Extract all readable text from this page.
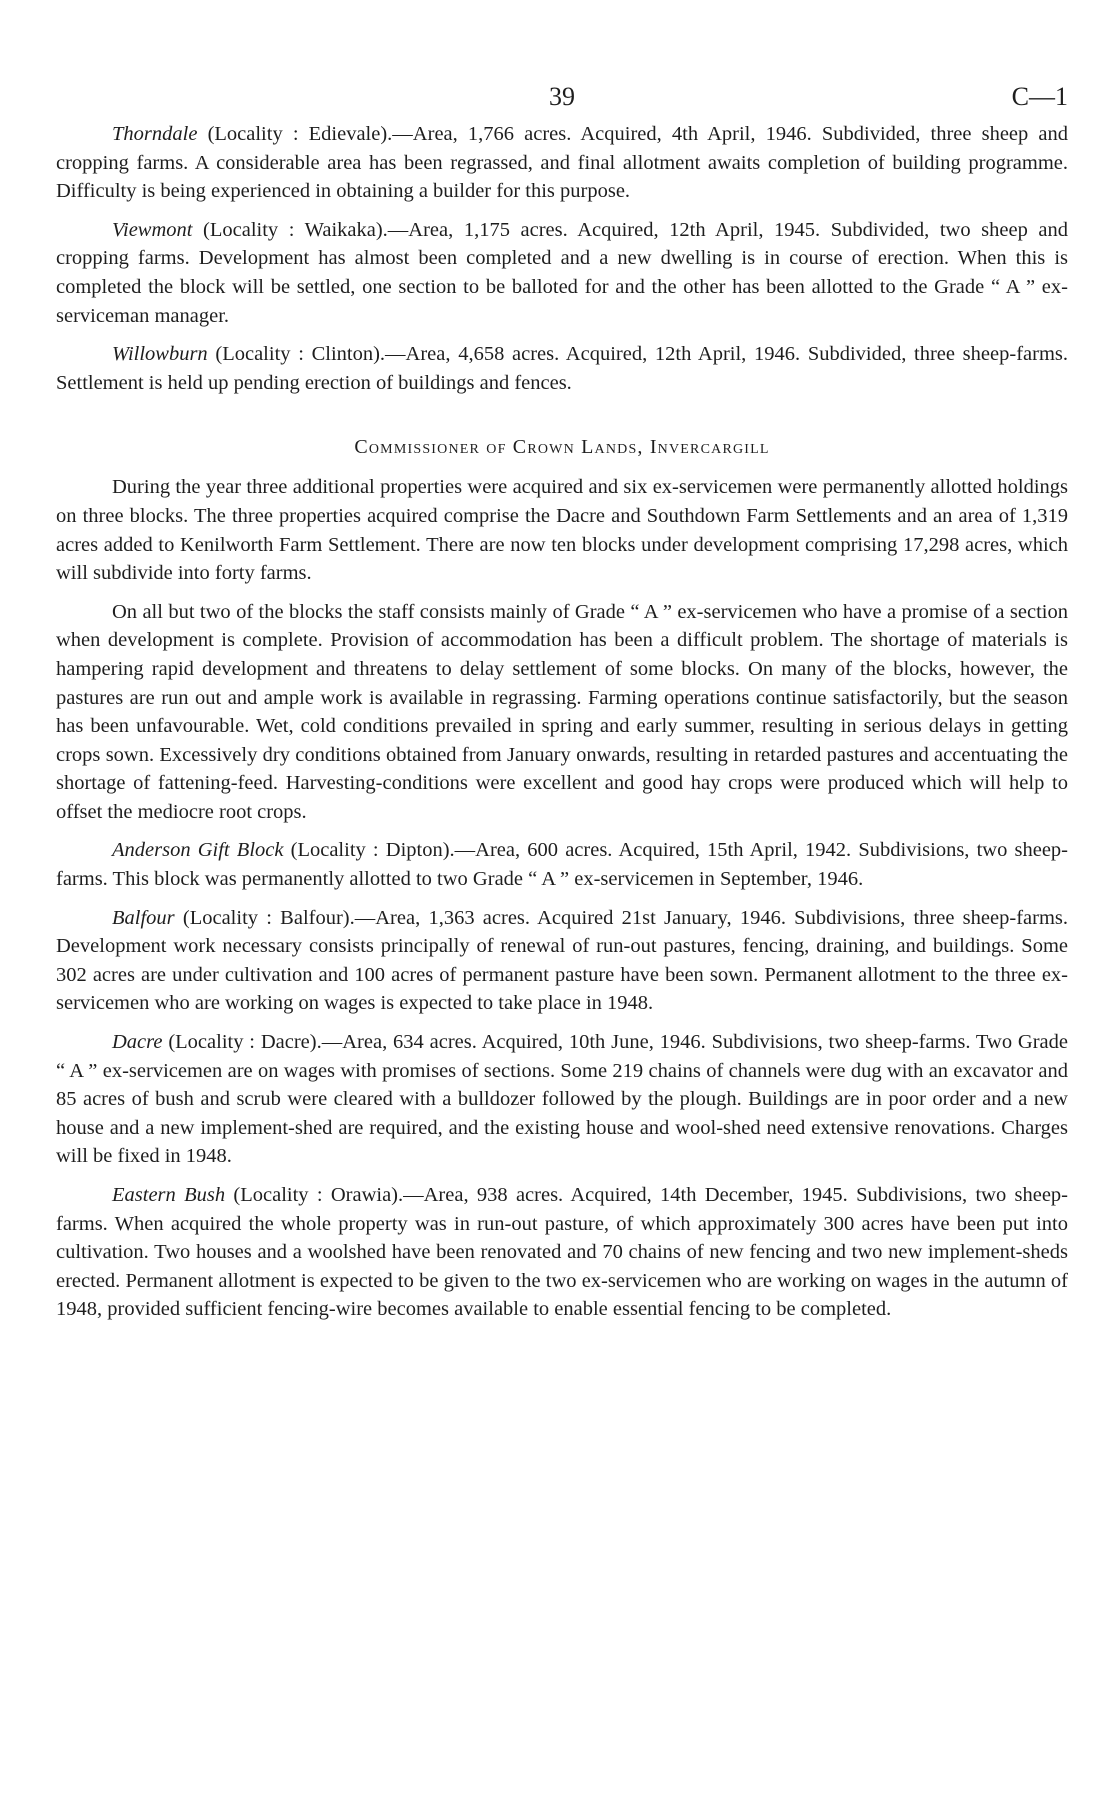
39	C—1

Thorndale (Locality : Edievale).—Area, 1,766 acres. Acquired, 4th April, 1946. Subdivided, three sheep and cropping farms. A considerable area has been regrassed, and final allotment awaits completion of building programme. Difficulty is being experienced in obtaining a builder for this purpose.

Viewmont (Locality : Waikaka).—Area, 1,175 acres. Acquired, 12th April, 1945. Subdivided, two sheep and cropping farms. Development has almost been completed and a new dwelling is in course of erection. When this is completed the block will be settled, one section to be balloted for and the other has been allotted to the Grade “ A ” ex-serviceman manager.

Willowburn (Locality : Clinton).—Area, 4,658 acres. Acquired, 12th April, 1946. Subdivided, three sheep-farms. Settlement is held up pending erection of buildings and fences.

Commissioner of Crown Lands, Invercargill

During the year three additional properties were acquired and six ex-servicemen were permanently allotted holdings on three blocks. The three properties acquired comprise the Dacre and Southdown Farm Settlements and an area of 1,319 acres added to Kenilworth Farm Settlement. There are now ten blocks under development comprising 17,298 acres, which will subdivide into forty farms.

On all but two of the blocks the staff consists mainly of Grade “ A ” ex-servicemen who have a promise of a section when development is complete. Provision of accommodation has been a difficult problem. The shortage of materials is hampering rapid development and threatens to delay settlement of some blocks. On many of the blocks, however, the pastures are run out and ample work is available in regrassing. Farming operations continue satisfactorily, but the season has been unfavourable. Wet, cold conditions prevailed in spring and early summer, resulting in serious delays in getting crops sown. Excessively dry conditions obtained from January onwards, resulting in retarded pastures and accentuating the shortage of fattening-feed. Harvesting-conditions were excellent and good hay crops were produced which will help to offset the mediocre root crops.

Anderson Gift Block (Locality : Dipton).—Area, 600 acres. Acquired, 15th April, 1942. Subdivisions, two sheep-farms. This block was permanently allotted to two Grade “ A ” ex-servicemen in September, 1946.

Balfour (Locality : Balfour).—Area, 1,363 acres. Acquired 21st January, 1946. Subdivisions, three sheep-farms. Development work necessary consists principally of renewal of run-out pastures, fencing, draining, and buildings. Some 302 acres are under cultivation and 100 acres of permanent pasture have been sown. Permanent allotment to the three ex-servicemen who are working on wages is expected to take place in 1948.

Dacre (Locality : Dacre).—Area, 634 acres. Acquired, 10th June, 1946. Subdivisions, two sheep-farms. Two Grade “ A ” ex-servicemen are on wages with promises of sections. Some 219 chains of channels were dug with an excavator and 85 acres of bush and scrub were cleared with a bulldozer followed by the plough. Buildings are in poor order and a new house and a new implement-shed are required, and the existing house and wool-shed need extensive renovations. Charges will be fixed in 1948.

Eastern Bush (Locality : Orawia).—Area, 938 acres. Acquired, 14th December, 1945. Subdivisions, two sheep-farms. When acquired the whole property was in run-out pasture, of which approximately 300 acres have been put into cultivation. Two houses and a woolshed have been renovated and 70 chains of new fencing and two new implement-sheds erected. Permanent allotment is expected to be given to the two ex-servicemen who are working on wages in the autumn of 1948, provided sufficient fencing-wire becomes available to enable essential fencing to be completed.
